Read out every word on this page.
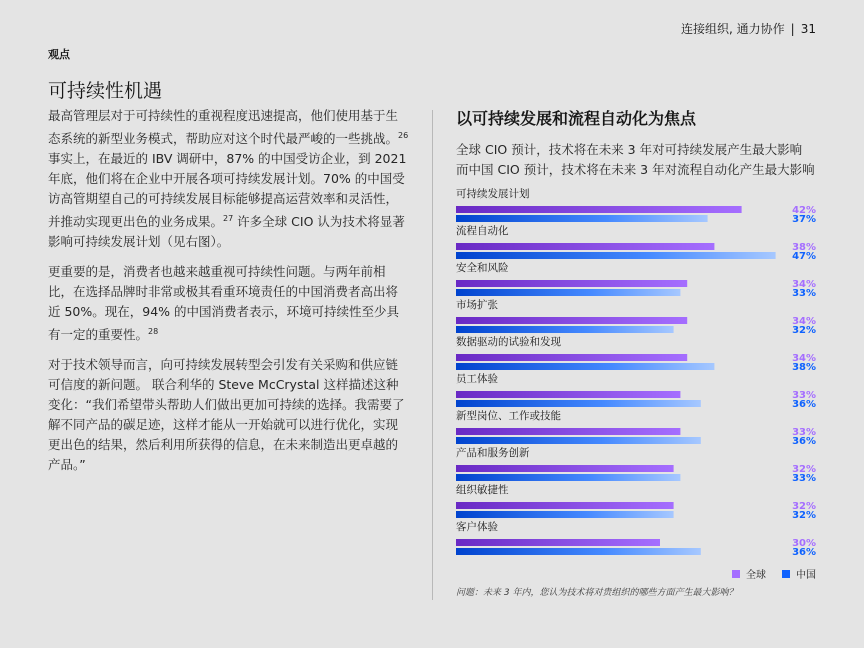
连接组织, 通力协作 | 31
观点
可持续性机遇

最高管理层对于可持续性的重视程度迅速提高，他们使用基于生态系统的新型业务模式，帮助应对这个时代最严峻的一些挑战。$^{26}$ 事实上，在最近的 IBV 调研中，87% 的中国受访企业，到 2021 年底，他们将在企业中开展各项可持续发展计划。70% 的中国受访高管期望自己的可持续发展目标能够提高运营效率和灵活性，并推动实现更出色的业务成果。$^{27}$ 许多全球 CIO 认为技术将显著影响可持续发展计划（见右图）。

更重要的是，消费者也越来越重视可持续性问题。与两年前相比，在选择品牌时非常或极其看重环境责任的中国消费者高出将近 50%。现在，94% 的中国消费者表示，环境可持续性至少具有一定的重要性。$^{28}$

对于技术领导而言，向可持续发展转型会引发有关采购和供应链可信度的新问题。 联合利华的 Steve McCrystal 这样描述这种变化：“我们希望带头帮助人们做出更加可持续的选择。我需要了解不同产品的碳足迹，这样才能从一开始就可以进行优化，实现更出色的结果，然后利用所获得的信息，在未来制造出更卓越的产品。”

以可持续发展和流程自动化为焦点
全球 CIO 预计，技术将在未来 3 年对可持续发展产生最大影响
而中国 CIO 预计，技术将在未来 3 年对流程自动化产生最大影响
可持续发展计划
42%
37%
流程自动化
38%
47%
安全和风险
34%
33%
市场扩张
34%
32%
数据驱动的试验和发现
34%
38%
员工体验
33%
36%
新型岗位、工作或技能
33%
36%
产品和服务创新
32%
33%
组织敏捷性
32%
32%
客户体验
30%
36%
全球	中国
问题：未来 3 年内，您认为技术将对贵组织的哪些方面产生最大影响？
